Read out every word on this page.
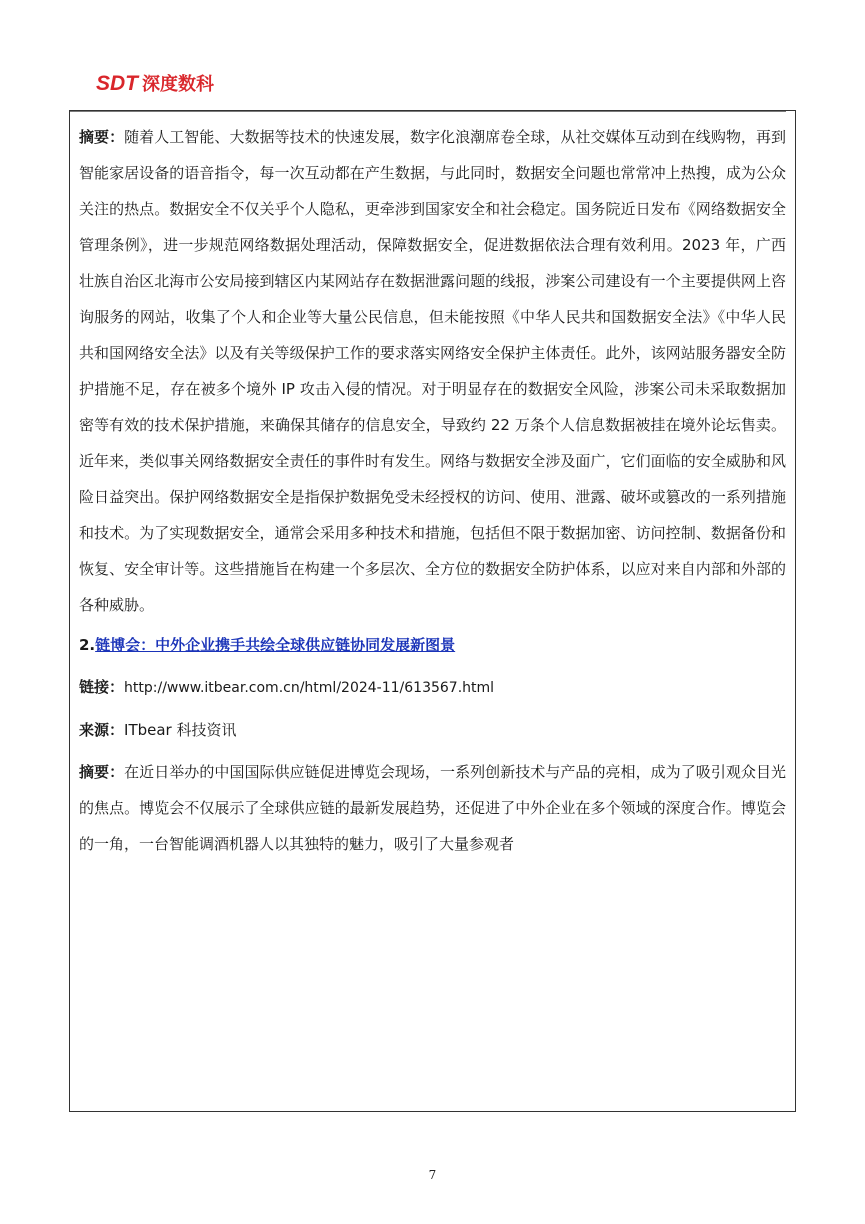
SDT 深度数科

摘要：随着人工智能、大数据等技术的快速发展，数字化浪潮席卷全球，从社交媒体互动到在线购物，再到智能家居设备的语音指令，每一次互动都在产生数据，与此同时，数据安全问题也常常冲上热搜，成为公众关注的热点。数据安全不仅关乎个人隐私，更牵涉到国家安全和社会稳定。国务院近日发布《网络数据安全管理条例》，进一步规范网络数据处理活动，保障数据安全，促进数据依法合理有效利用。2023 年，广西壮族自治区北海市公安局接到辖区内某网站存在数据泄露问题的线报，涉案公司建设有一个主要提供网上咨询服务的网站，收集了个人和企业等大量公民信息，但未能按照《中华人民共和国数据安全法》《中华人民共和国网络安全法》以及有关等级保护工作的要求落实网络安全保护主体责任。此外，该网站服务器安全防护措施不足，存在被多个境外 IP 攻击入侵的情况。对于明显存在的数据安全风险，涉案公司未采取数据加密等有效的技术保护措施，来确保其储存的信息安全，导致约 22 万条个人信息数据被挂在境外论坛售卖。近年来，类似事关网络数据安全责任的事件时有发生。网络与数据安全涉及面广，它们面临的安全威胁和风险日益突出。保护网络数据安全是指保护数据免受未经授权的访问、使用、泄露、破坏或篡改的一系列措施和技术。为了实现数据安全，通常会采用多种技术和措施，包括但不限于数据加密、访问控制、数据备份和恢复、安全审计等。这些措施旨在构建一个多层次、全方位的数据安全防护体系，以应对来自内部和外部的各种威胁。

2.链博会：中外企业携手共绘全球供应链协同发展新图景

链接：http://www.itbear.com.cn/html/2024-11/613567.html

来源：ITbear 科技资讯

摘要：在近日举办的中国国际供应链促进博览会现场，一系列创新技术与产品的亮相，成为了吸引观众目光的焦点。博览会不仅展示了全球供应链的最新发展趋势，还促进了中外企业在多个领域的深度合作。博览会的一角，一台智能调酒机器人以其独特的魅力，吸引了大量参观者

7
